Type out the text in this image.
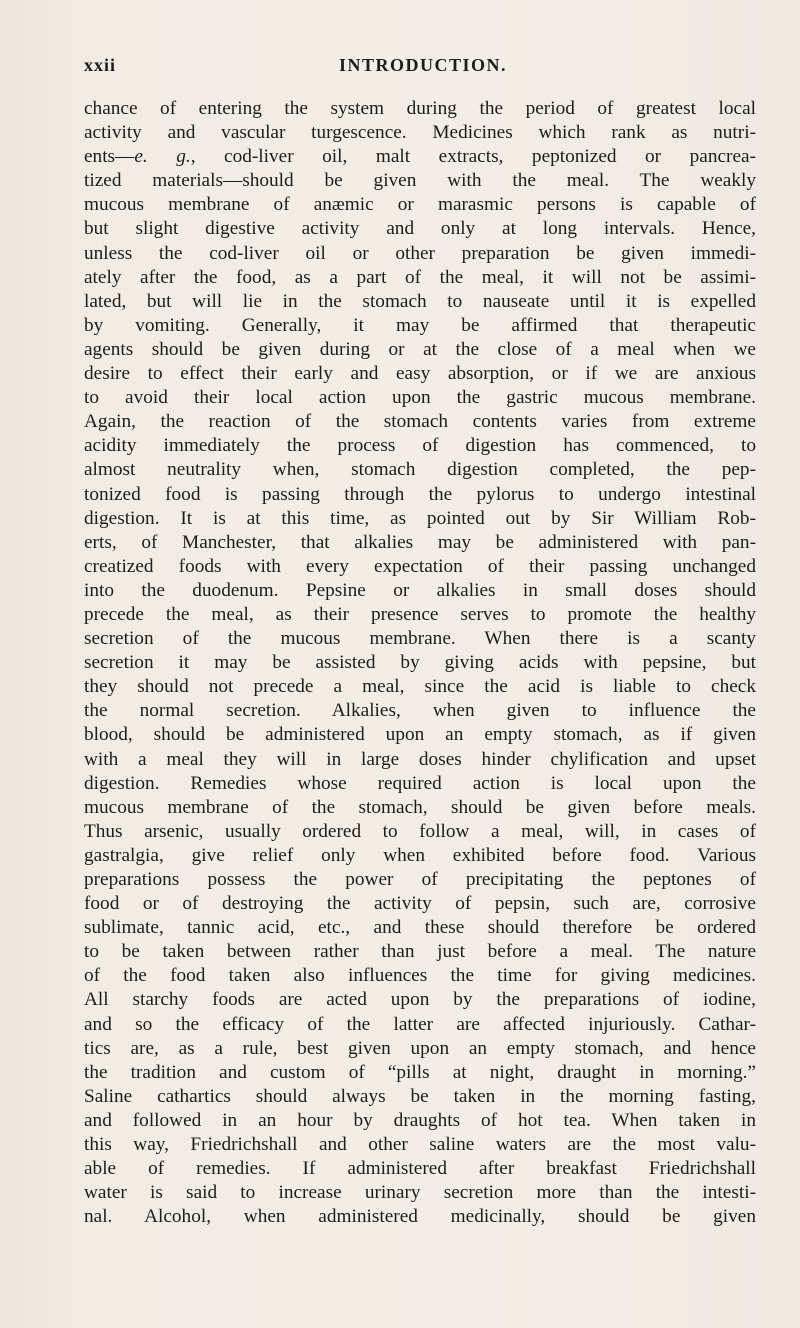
xxii	INTRODUCTION.
chance of entering the system during the period of greatest local
activity and vascular turgescence. Medicines which rank as nutri-
ents—e. g., cod-liver oil, malt extracts, peptonized or pancrea-
tized materials—should be given with the meal. The weakly
mucous membrane of anæmic or marasmic persons is capable of
but slight digestive activity and only at long intervals. Hence,
unless the cod-liver oil or other preparation be given immedi-
ately after the food, as a part of the meal, it will not be assimi-
lated, but will lie in the stomach to nauseate until it is expelled
by vomiting. Generally, it may be affirmed that therapeutic
agents should be given during or at the close of a meal when we
desire to effect their early and easy absorption, or if we are anxious
to avoid their local action upon the gastric mucous membrane.
Again, the reaction of the stomach contents varies from extreme
acidity immediately the process of digestion has commenced, to
almost neutrality when, stomach digestion completed, the pep-
tonized food is passing through the pylorus to undergo intestinal
digestion. It is at this time, as pointed out by Sir William Rob-
erts, of Manchester, that alkalies may be administered with pan-
creatized foods with every expectation of their passing unchanged
into the duodenum. Pepsine or alkalies in small doses should
precede the meal, as their presence serves to promote the healthy
secretion of the mucous membrane. When there is a scanty
secretion it may be assisted by giving acids with pepsine, but
they should not precede a meal, since the acid is liable to check
the normal secretion. Alkalies, when given to influence the
blood, should be administered upon an empty stomach, as if given
with a meal they will in large doses hinder chylification and upset
digestion. Remedies whose required action is local upon the
mucous membrane of the stomach, should be given before meals.
Thus arsenic, usually ordered to follow a meal, will, in cases of
gastralgia, give relief only when exhibited before food. Various
preparations possess the power of precipitating the peptones of
food or of destroying the activity of pepsin, such are, corrosive
sublimate, tannic acid, etc., and these should therefore be ordered
to be taken between rather than just before a meal. The nature
of the food taken also influences the time for giving medicines.
All starchy foods are acted upon by the preparations of iodine,
and so the efficacy of the latter are affected injuriously. Cathar-
tics are, as a rule, best given upon an empty stomach, and hence
the tradition and custom of “pills at night, draught in morning.”
Saline cathartics should always be taken in the morning fasting,
and followed in an hour by draughts of hot tea. When taken in
this way, Friedrichshall and other saline waters are the most valu-
able of remedies. If administered after breakfast Friedrichshall
water is said to increase urinary secretion more than the intesti-
nal. Alcohol, when administered medicinally, should be given
